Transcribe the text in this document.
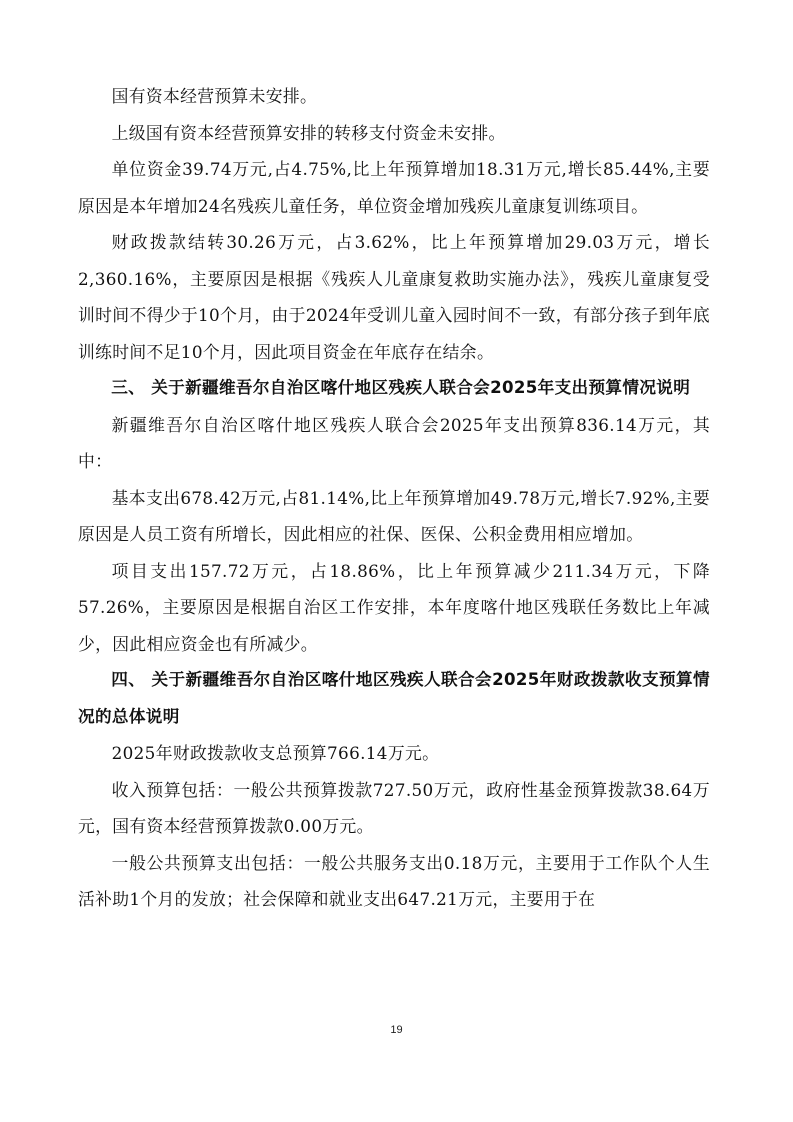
国有资本经营预算未安排。

上级国有资本经营预算安排的转移支付资金未安排。

单位资金39.74万元,占4.75%,比上年预算增加18.31万元,增长85.44%,主要原因是本年增加24名残疾儿童任务，单位资金增加残疾儿童康复训练项目。

财政拨款结转30.26万元，占3.62%，比上年预算增加29.03万元，增长2,360.16%，主要原因是根据《残疾人儿童康复救助实施办法》，残疾儿童康复受训时间不得少于10个月，由于2024年受训儿童入园时间不一致，有部分孩子到年底训练时间不足10个月，因此项目资金在年底存在结余。

三、 关于新疆维吾尔自治区喀什地区残疾人联合会2025年支出预算情况说明

新疆维吾尔自治区喀什地区残疾人联合会2025年支出预算836.14万元，其中：

基本支出678.42万元,占81.14%,比上年预算增加49.78万元,增长7.92%,主要原因是人员工资有所增长，因此相应的社保、医保、公积金费用相应增加。

项目支出157.72万元，占18.86%，比上年预算减少211.34万元，下降57.26%，主要原因是根据自治区工作安排，本年度喀什地区残联任务数比上年减少，因此相应资金也有所减少。

四、 关于新疆维吾尔自治区喀什地区残疾人联合会2025年财政拨款收支预算情况的总体说明

2025年财政拨款收支总预算766.14万元。

收入预算包括：一般公共预算拨款727.50万元，政府性基金预算拨款38.64万元，国有资本经营预算拨款0.00万元。

一般公共预算支出包括：一般公共服务支出0.18万元，主要用于工作队个人生活补助1个月的发放；社会保障和就业支出647.21万元，主要用于在

19
